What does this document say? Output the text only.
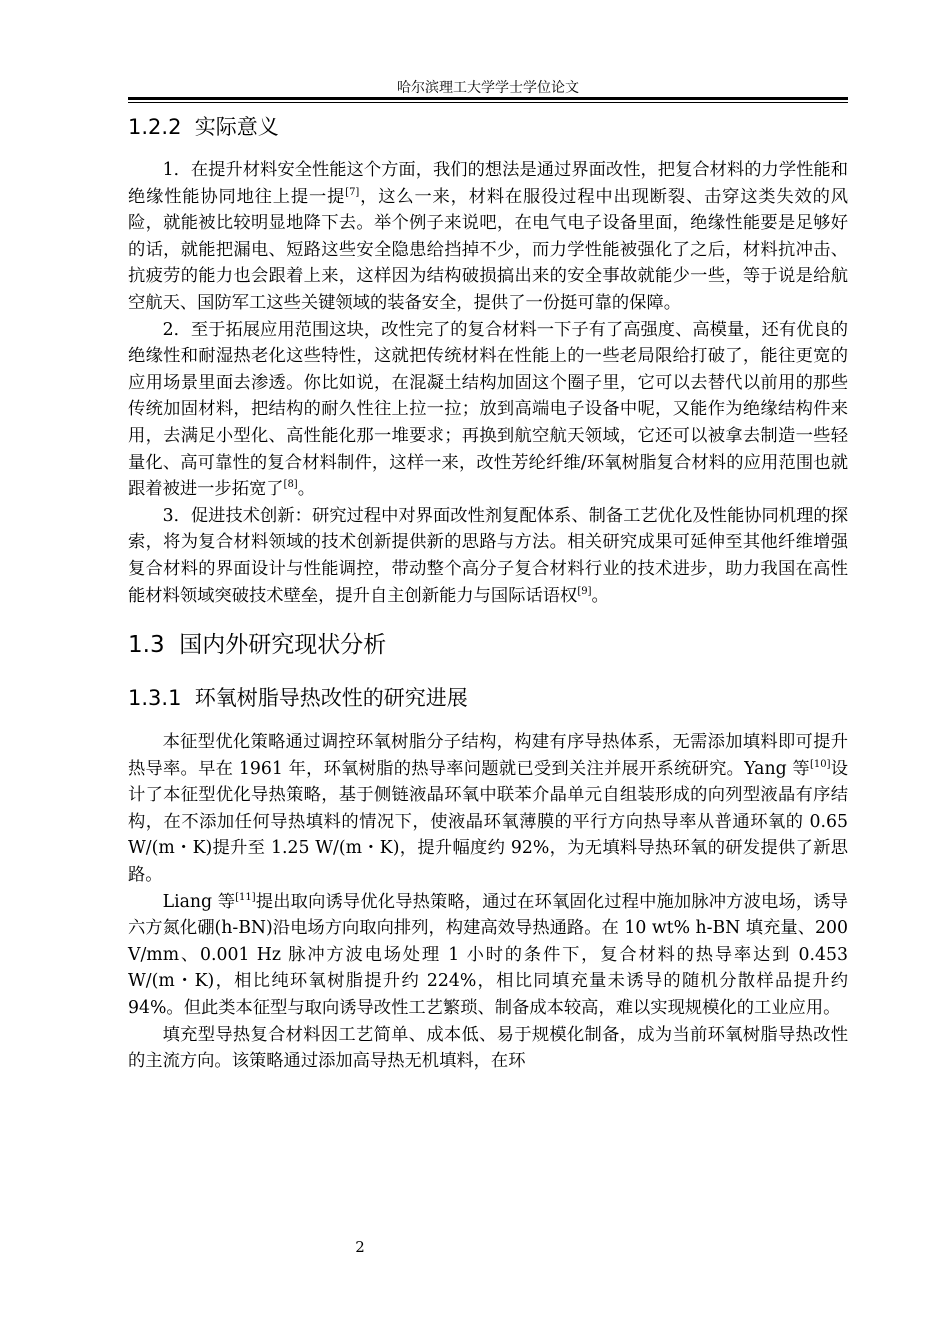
哈尔滨理工大学学士学位论文
1.2.2 实际意义

1．在提升材料安全性能这个方面，我们的想法是通过界面改性，把复合材料的力学性能和绝缘性能协同地往上提一提[7]，这么一来，材料在服役过程中出现断裂、击穿这类失效的风险，就能被比较明显地降下去。举个例子来说吧，在电气电子设备里面，绝缘性能要是足够好的话，就能把漏电、短路这些安全隐患给挡掉不少，而力学性能被强化了之后，材料抗冲击、抗疲劳的能力也会跟着上来，这样因为结构破损搞出来的安全事故就能少一些，等于说是给航空航天、国防军工这些关键领域的装备安全，提供了一份挺可靠的保障。

2．至于拓展应用范围这块，改性完了的复合材料一下子有了高强度、高模量，还有优良的绝缘性和耐湿热老化这些特性，这就把传统材料在性能上的一些老局限给打破了，能往更宽的应用场景里面去渗透。你比如说，在混凝土结构加固这个圈子里，它可以去替代以前用的那些传统加固材料，把结构的耐久性往上拉一拉；放到高端电子设备中呢，又能作为绝缘结构件来用，去满足小型化、高性能化那一堆要求；再换到航空航天领域，它还可以被拿去制造一些轻量化、高可靠性的复合材料制件，这样一来，改性芳纶纤维/环氧树脂复合材料的应用范围也就跟着被进一步拓宽了[8]。

3．促进技术创新：研究过程中对界面改性剂复配体系、制备工艺优化及性能协同机理的探索，将为复合材料领域的技术创新提供新的思路与方法。相关研究成果可延伸至其他纤维增强复合材料的界面设计与性能调控，带动整个高分子复合材料行业的技术进步，助力我国在高性能材料领域突破技术壁垒，提升自主创新能力与国际话语权[9]。

1.3 国内外研究现状分析
1.3.1 环氧树脂导热改性的研究进展

本征型优化策略通过调控环氧树脂分子结构，构建有序导热体系，无需添加填料即可提升热导率。早在 1961 年，环氧树脂的热导率问题就已受到关注并展开系统研究。Yang 等[10]设计了本征型优化导热策略，基于侧链液晶环氧中联苯介晶单元自组装形成的向列型液晶有序结构，在不添加任何导热填料的情况下，使液晶环氧薄膜的平行方向热导率从普通环氧的 0.65 W/(m・K)提升至 1.25 W/(m・K)，提升幅度约 92%，为无填料导热环氧的研发提供了新思路。

Liang 等[11]提出取向诱导优化导热策略，通过在环氧固化过程中施加脉冲方波电场，诱导六方氮化硼(h-BN)沿电场方向取向排列，构建高效导热通路。在 10 wt% h-BN 填充量、200 V/mm、0.001 Hz 脉冲方波电场处理 1 小时的条件下，复合材料的热导率达到 0.453 W/(m・K)，相比纯环氧树脂提升约 224%，相比同填充量未诱导的随机分散样品提升约 94%。但此类本征型与取向诱导改性工艺繁琐、制备成本较高，难以实现规模化的工业应用。

填充型导热复合材料因工艺简单、成本低、易于规模化制备，成为当前环氧树脂导热改性的主流方向。该策略通过添加高导热无机填料，在环

2
